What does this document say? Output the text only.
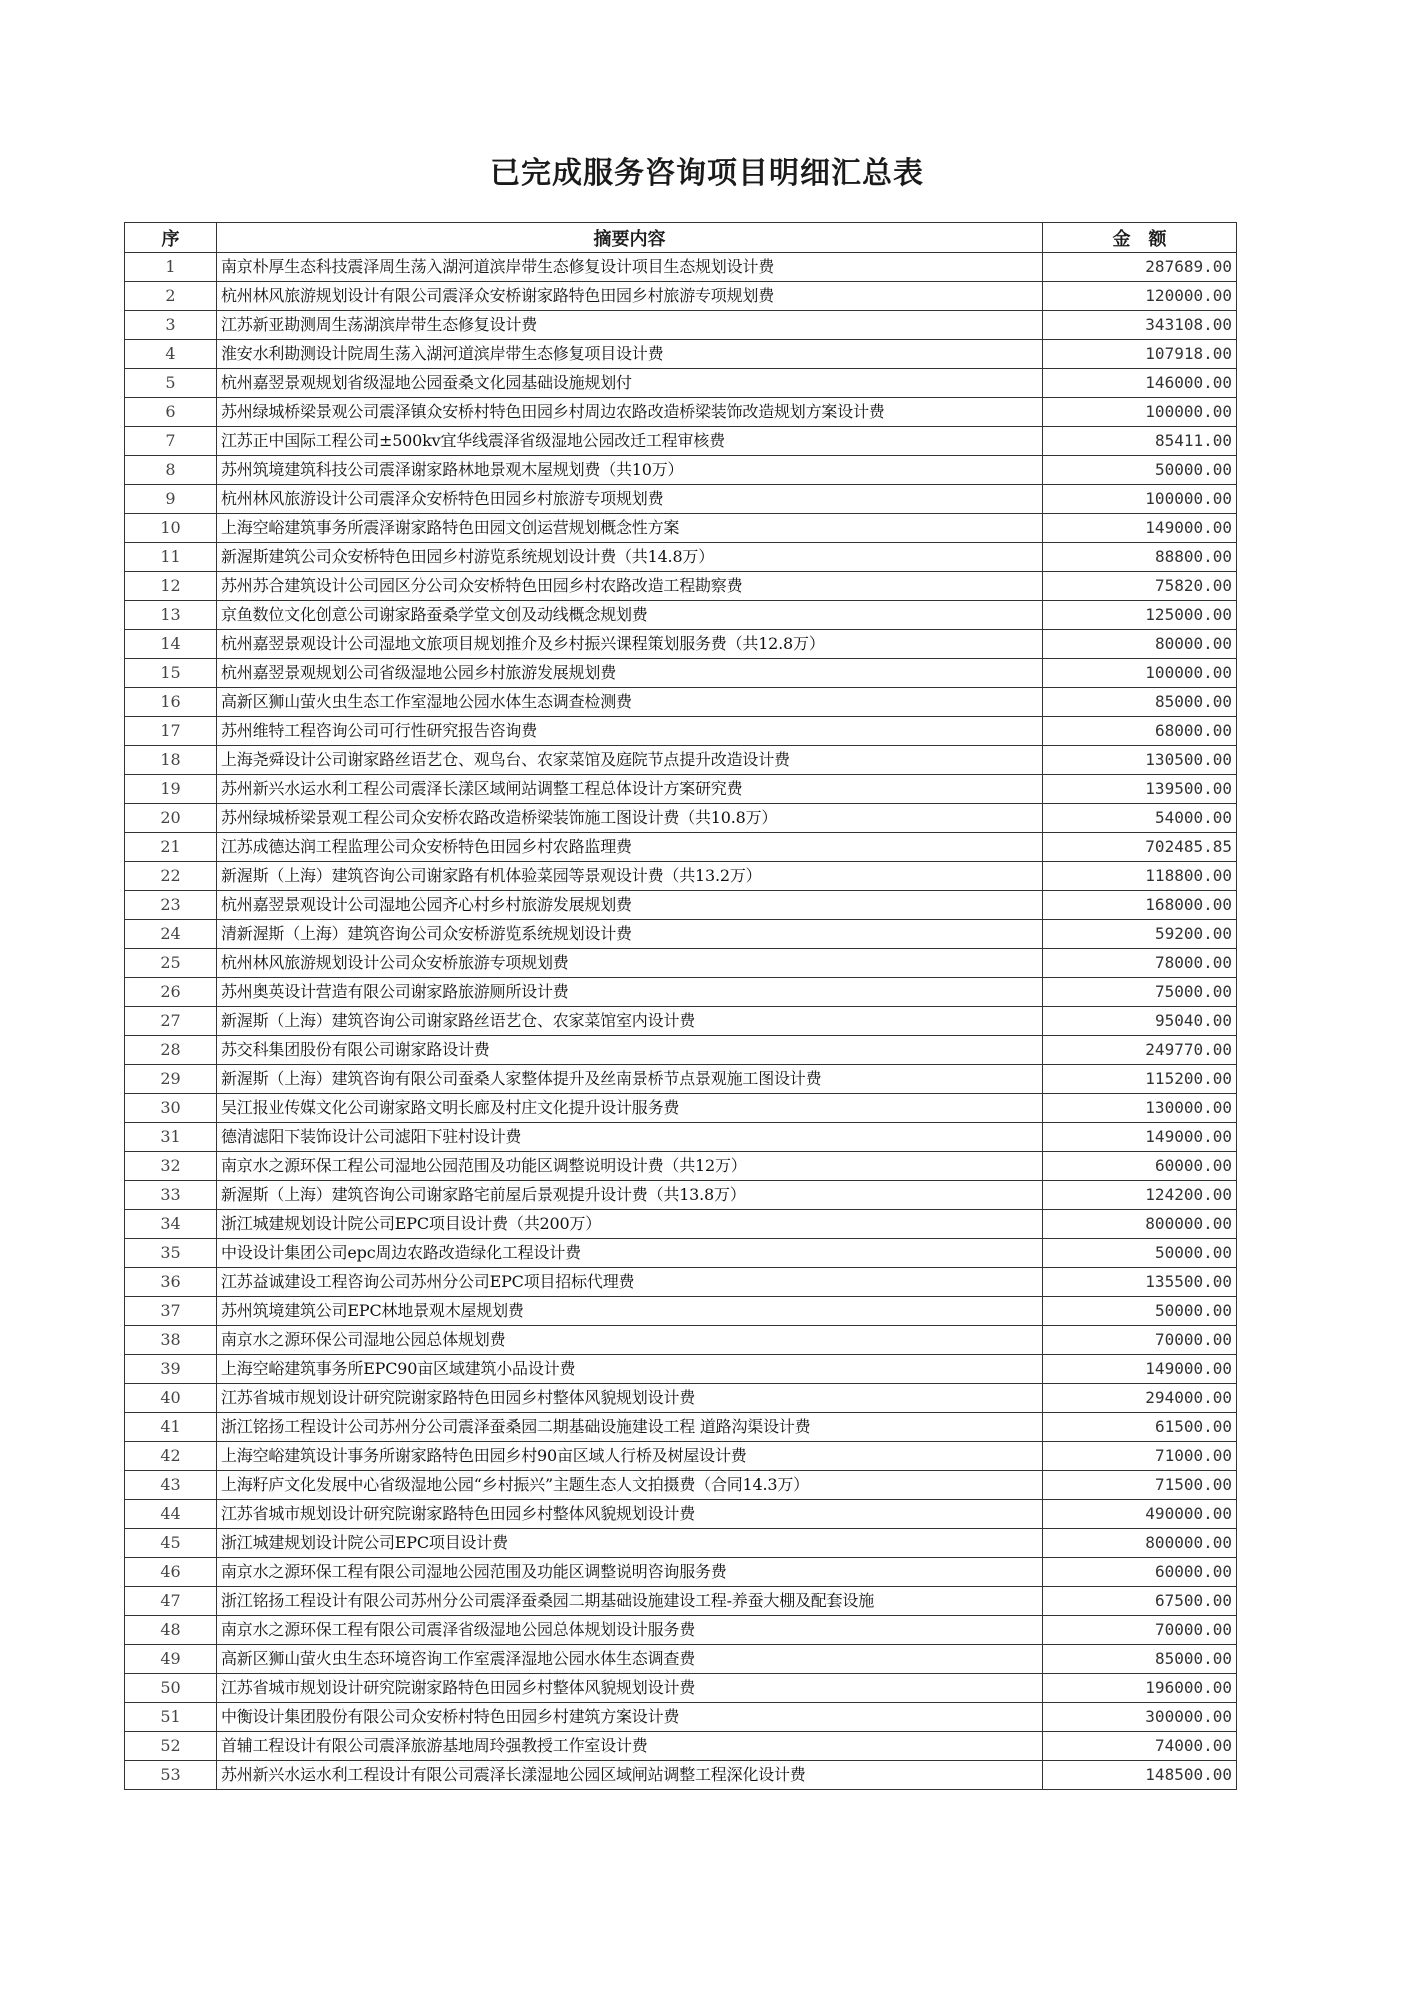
已完成服务咨询项目明细汇总表
序	摘要内容	金　额
1	南京朴厚生态科技震泽周生荡入湖河道滨岸带生态修复设计项目生态规划设计费	287689.00
2	杭州林风旅游规划设计有限公司震泽众安桥谢家路特色田园乡村旅游专项规划费	120000.00
3	江苏新亚勘测周生荡湖滨岸带生态修复设计费	343108.00
4	淮安水利勘测设计院周生荡入湖河道滨岸带生态修复项目设计费	107918.00
5	杭州嘉翌景观规划省级湿地公园蚕桑文化园基础设施规划付	146000.00
6	苏州绿城桥梁景观公司震泽镇众安桥村特色田园乡村周边农路改造桥梁装饰改造规划方案设计费	100000.00
7	江苏正中国际工程公司±500kv宜华线震泽省级湿地公园改迁工程审核费	85411.00
8	苏州筑境建筑科技公司震泽谢家路林地景观木屋规划费（共10万）	50000.00
9	杭州林风旅游设计公司震泽众安桥特色田园乡村旅游专项规划费	100000.00
10	上海空峪建筑事务所震泽谢家路特色田园文创运营规划概念性方案	149000.00
11	新渥斯建筑公司众安桥特色田园乡村游览系统规划设计费（共14.8万）	88800.00
12	苏州苏合建筑设计公司园区分公司众安桥特色田园乡村农路改造工程勘察费	75820.00
13	京鱼数位文化创意公司谢家路蚕桑学堂文创及动线概念规划费	125000.00
14	杭州嘉翌景观设计公司湿地文旅项目规划推介及乡村振兴课程策划服务费（共12.8万）	80000.00
15	杭州嘉翌景观规划公司省级湿地公园乡村旅游发展规划费	100000.00
16	高新区狮山萤火虫生态工作室湿地公园水体生态调查检测费	85000.00
17	苏州维特工程咨询公司可行性研究报告咨询费	68000.00
18	上海尧舜设计公司谢家路丝语艺仓、观鸟台、农家菜馆及庭院节点提升改造设计费	130500.00
19	苏州新兴水运水利工程公司震泽长漾区域闸站调整工程总体设计方案研究费	139500.00
20	苏州绿城桥梁景观工程公司众安桥农路改造桥梁装饰施工图设计费（共10.8万）	54000.00
21	江苏成德达润工程监理公司众安桥特色田园乡村农路监理费	702485.85
22	新渥斯（上海）建筑咨询公司谢家路有机体验菜园等景观设计费（共13.2万）	118800.00
23	杭州嘉翌景观设计公司湿地公园齐心村乡村旅游发展规划费	168000.00
24	清新渥斯（上海）建筑咨询公司众安桥游览系统规划设计费	59200.00
25	杭州林风旅游规划设计公司众安桥旅游专项规划费	78000.00
26	苏州奥英设计营造有限公司谢家路旅游厕所设计费	75000.00
27	新渥斯（上海）建筑咨询公司谢家路丝语艺仓、农家菜馆室内设计费	95040.00
28	苏交科集团股份有限公司谢家路设计费	249770.00
29	新渥斯（上海）建筑咨询有限公司蚕桑人家整体提升及丝南景桥节点景观施工图设计费	115200.00
30	吴江报业传媒文化公司谢家路文明长廊及村庄文化提升设计服务费	130000.00
31	德清滤阳下装饰设计公司滤阳下驻村设计费	149000.00
32	南京水之源环保工程公司湿地公园范围及功能区调整说明设计费（共12万）	60000.00
33	新渥斯（上海）建筑咨询公司谢家路宅前屋后景观提升设计费（共13.8万）	124200.00
34	浙江城建规划设计院公司EPC项目设计费（共200万）	800000.00
35	中设设计集团公司epc周边农路改造绿化工程设计费	50000.00
36	江苏益诚建设工程咨询公司苏州分公司EPC项目招标代理费	135500.00
37	苏州筑境建筑公司EPC林地景观木屋规划费	50000.00
38	南京水之源环保公司湿地公园总体规划费	70000.00
39	上海空峪建筑事务所EPC90亩区域建筑小品设计费	149000.00
40	江苏省城市规划设计研究院谢家路特色田园乡村整体风貌规划设计费	294000.00
41	浙江铭扬工程设计公司苏州分公司震泽蚕桑园二期基础设施建设工程 道路沟渠设计费	61500.00
42	上海空峪建筑设计事务所谢家路特色田园乡村90亩区域人行桥及树屋设计费	71000.00
43	上海籽庐文化发展中心省级湿地公园“乡村振兴”主题生态人文拍摄费（合同14.3万）	71500.00
44	江苏省城市规划设计研究院谢家路特色田园乡村整体风貌规划设计费	490000.00
45	浙江城建规划设计院公司EPC项目设计费	800000.00
46	南京水之源环保工程有限公司湿地公园范围及功能区调整说明咨询服务费	60000.00
47	浙江铭扬工程设计有限公司苏州分公司震泽蚕桑园二期基础设施建设工程-养蚕大棚及配套设施	67500.00
48	南京水之源环保工程有限公司震泽省级湿地公园总体规划设计服务费	70000.00
49	高新区狮山萤火虫生态环境咨询工作室震泽湿地公园水体生态调查费	85000.00
50	江苏省城市规划设计研究院谢家路特色田园乡村整体风貌规划设计费	196000.00
51	中衡设计集团股份有限公司众安桥村特色田园乡村建筑方案设计费	300000.00
52	首辅工程设计有限公司震泽旅游基地周玲强教授工作室设计费	74000.00
53	苏州新兴水运水利工程设计有限公司震泽长漾湿地公园区域闸站调整工程深化设计费	148500.00
